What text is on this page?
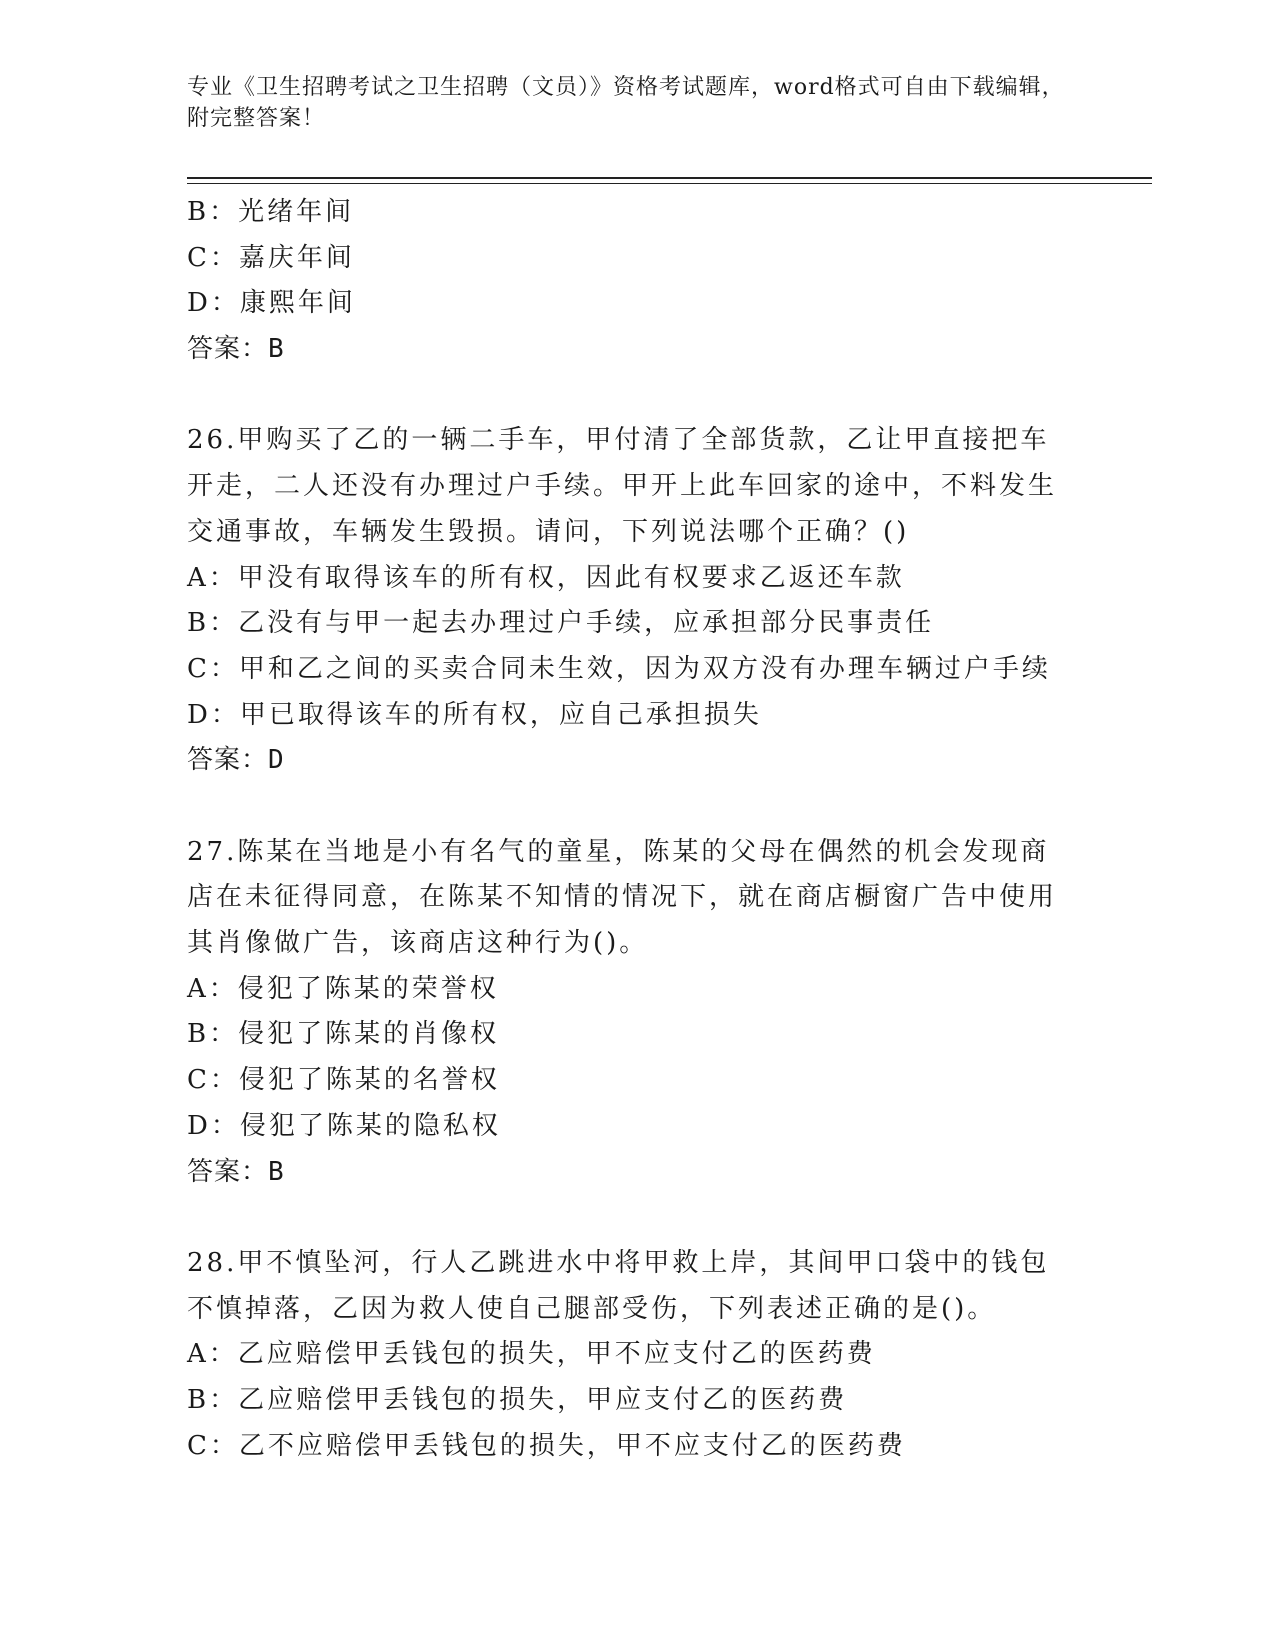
专业《卫生招聘考试之卫生招聘（文员）》资格考试题库，word格式可自由下载编辑，附完整答案！
B：光绪年间
C：嘉庆年间
D：康熙年间
答案：B
26.甲购买了乙的一辆二手车，甲付清了全部货款，乙让甲直接把车开走，二人还没有办理过户手续。甲开上此车回家的途中，不料发生交通事故，车辆发生毁损。请问，下列说法哪个正确？()
A：甲没有取得该车的所有权，因此有权要求乙返还车款
B：乙没有与甲一起去办理过户手续，应承担部分民事责任
C：甲和乙之间的买卖合同未生效，因为双方没有办理车辆过户手续
D：甲已取得该车的所有权，应自己承担损失
答案：D
27.陈某在当地是小有名气的童星，陈某的父母在偶然的机会发现商店在未征得同意，在陈某不知情的情况下，就在商店橱窗广告中使用其肖像做广告，该商店这种行为()。
A：侵犯了陈某的荣誉权
B：侵犯了陈某的肖像权
C：侵犯了陈某的名誉权
D：侵犯了陈某的隐私权
答案：B
28.甲不慎坠河，行人乙跳进水中将甲救上岸，其间甲口袋中的钱包不慎掉落，乙因为救人使自己腿部受伤，下列表述正确的是()。
A：乙应赔偿甲丢钱包的损失，甲不应支付乙的医药费
B：乙应赔偿甲丢钱包的损失，甲应支付乙的医药费
C：乙不应赔偿甲丢钱包的损失，甲不应支付乙的医药费
